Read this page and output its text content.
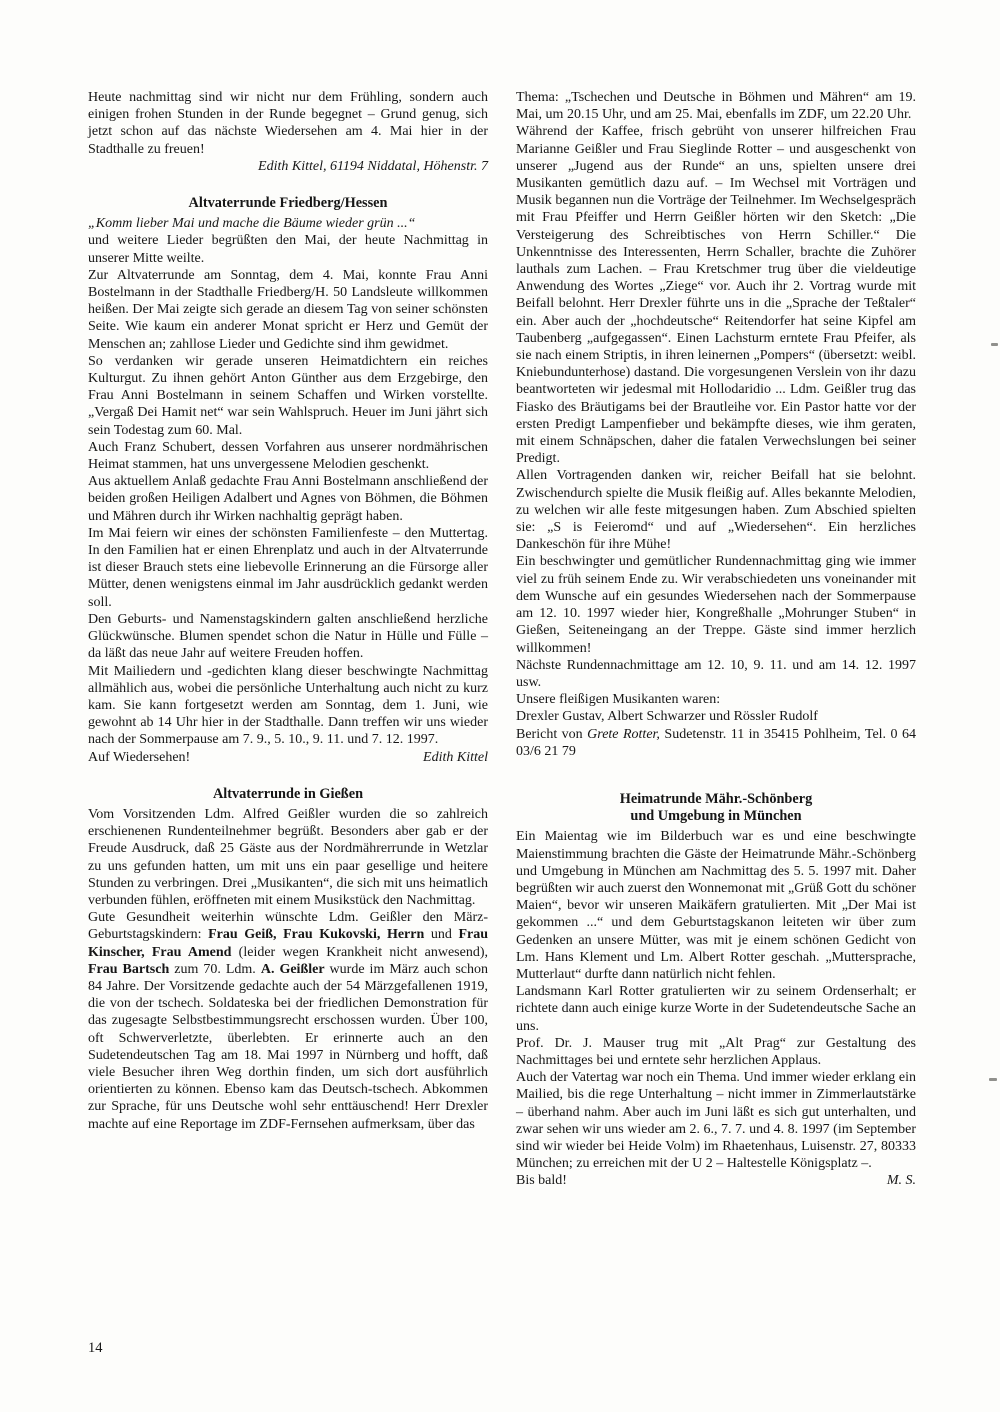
Heute nachmittag sind wir nicht nur dem Frühling, sondern auch einigen frohen Stunden in der Runde begegnet – Grund genug, sich jetzt schon auf das nächste Wiedersehen am 4. Mai hier in der Stadthalle zu freuen!

Edith Kittel, 61194 Niddatal, Höhenstr. 7

Altvaterrunde Friedberg/Hessen

„Komm lieber Mai und mache die Bäume wieder grün ...“

und weitere Lieder begrüßten den Mai, der heute Nachmittag in unserer Mitte weilte.

Zur Altvaterrunde am Sonntag, dem 4. Mai, konnte Frau Anni Bostelmann in der Stadthalle Friedberg/H. 50 Landsleute willkommen heißen. Der Mai zeigte sich gerade an diesem Tag von seiner schönsten Seite. Wie kaum ein anderer Monat spricht er Herz und Gemüt der Menschen an; zahllose Lieder und Gedichte sind ihm gewidmet.

So verdanken wir gerade unseren Heimatdichtern ein reiches Kulturgut. Zu ihnen gehört Anton Günther aus dem Erzgebirge, den Frau Anni Bostelmann in seinem Schaffen und Wirken vorstellte. „Vergaß Dei Hamit net“ war sein Wahlspruch. Heuer im Juni jährt sich sein Todestag zum 60. Mal.

Auch Franz Schubert, dessen Vorfahren aus unserer nordmährischen Heimat stammen, hat uns unvergessene Melodien geschenkt.

Aus aktuellem Anlaß gedachte Frau Anni Bostelmann anschließend der beiden großen Heiligen Adalbert und Agnes von Böhmen, die Böhmen und Mähren durch ihr Wirken nachhaltig geprägt haben.

Im Mai feiern wir eines der schönsten Familienfeste – den Muttertag. In den Familien hat er einen Ehrenplatz und auch in der Altvaterrunde ist dieser Brauch stets eine liebevolle Erinnerung an die Fürsorge aller Mütter, denen wenigstens einmal im Jahr ausdrücklich gedankt werden soll.

Den Geburts- und Namenstagskindern galten anschließend herzliche Glückwünsche. Blumen spendet schon die Natur in Hülle und Fülle – da läßt das neue Jahr auf weitere Freuden hoffen.

Mit Mailiedern und -gedichten klang dieser beschwingte Nachmittag allmählich aus, wobei die persönliche Unterhaltung auch nicht zu kurz kam. Sie kann fortgesetzt werden am Sonntag, dem 1. Juni, wie gewohnt ab 14 Uhr hier in der Stadthalle. Dann treffen wir uns wieder nach der Sommerpause am 7. 9., 5. 10., 9. 11. und 7. 12. 1997.

Auf Wiedersehen!	Edith Kittel

Altvaterrunde in Gießen

Vom Vorsitzenden Ldm. Alfred Geißler wurden die so zahlreich erschienenen Rundenteilnehmer begrüßt. Besonders aber gab er der Freude Ausdruck, daß 25 Gäste aus der Nordmährerrunde in Wetzlar zu uns gefunden hatten, um mit uns ein paar gesellige und heitere Stunden zu verbringen. Drei „Musikanten“, die sich mit uns heimatlich verbunden fühlen, eröffneten mit einem Musikstück den Nachmittag.

Gute Gesundheit weiterhin wünschte Ldm. Geißler den März-Geburtstagskindern: Frau Geiß, Frau Kukovski, Herrn und Frau Kinscher, Frau Amend (leider wegen Krankheit nicht anwesend), Frau Bartsch zum 70. Ldm. A. Geißler wurde im März auch schon 84 Jahre. Der Vorsitzende gedachte auch der 54 Märzgefallenen 1919, die von der tschech. Soldateska bei der friedlichen Demonstration für das zugesagte Selbstbestimmungsrecht erschossen wurden. Über 100, oft Schwerverletzte, überlebten. Er erinnerte auch an den Sudetendeutschen Tag am 18. Mai 1997 in Nürnberg und hofft, daß viele Besucher ihren Weg dorthin finden, um sich dort ausführlich orientierten zu können. Ebenso kam das Deutsch-tschech. Abkommen zur Sprache, für uns Deutsche wohl sehr enttäuschend! Herr Drexler machte auf eine Reportage im ZDF-Fernsehen aufmerksam, über das

Thema: „Tschechen und Deutsche in Böhmen und Mähren“ am 19. Mai, um 20.15 Uhr, und am 25. Mai, ebenfalls im ZDF, um 22.20 Uhr.

Während der Kaffee, frisch gebrüht von unserer hilfreichen Frau Marianne Geißler und Frau Sieglinde Rotter – und ausgeschenkt von unserer „Jugend aus der Runde“ an uns, spielten unsere drei Musikanten gemütlich dazu auf. – Im Wechsel mit Vorträgen und Musik begannen nun die Vorträge der Teilnehmer. Im Wechselgespräch mit Frau Pfeiffer und Herrn Geißler hörten wir den Sketch: „Die Versteigerung des Schreibtisches von Herrn Schiller.“ Die Unkenntnisse des Interessenten, Herrn Schaller, brachte die Zuhörer lauthals zum Lachen. – Frau Kretschmer trug über die vieldeutige Anwendung des Wortes „Ziege“ vor. Auch ihr 2. Vortrag wurde mit Beifall belohnt. Herr Drexler führte uns in die „Sprache der Teßtaler“ ein. Aber auch der „hochdeutsche“ Reitendorfer hat seine Kipfel am Taubenberg „aufgegassen“. Einen Lachsturm erntete Frau Pfeifer, als sie nach einem Striptis, in ihren leinernen „Pompers“ (übersetzt: weibl. Kniebundunterhose) dastand. Die vorgesungenen Verslein von ihr dazu beantworteten wir jedesmal mit Hollodaridio ... Ldm. Geißler trug das Fiasko des Bräutigams bei der Brautleihe vor. Ein Pastor hatte vor der ersten Predigt Lampenfieber und bekämpfte dieses, wie ihm geraten, mit einem Schnäpschen, daher die fatalen Verwechslungen bei seiner Predigt.

Allen Vortragenden danken wir, reicher Beifall hat sie belohnt. Zwischendurch spielte die Musik fleißig auf. Alles bekannte Melodien, zu welchen wir alle feste mitgesungen haben. Zum Abschied spielten sie: „S is Feieromd“ und auf „Wiedersehen“. Ein herzliches Dankeschön für ihre Mühe!

Ein beschwingter und gemütlicher Rundennachmittag ging wie immer viel zu früh seinem Ende zu. Wir verabschiedeten uns voneinander mit dem Wunsche auf ein gesundes Wiedersehen nach der Sommerpause am 12. 10. 1997 wieder hier, Kongreßhalle „Mohrunger Stuben“ in Gießen, Seiteneingang an der Treppe. Gäste sind immer herzlich willkommen!

Nächste Rundennachmittage am 12. 10, 9. 11. und am 14. 12. 1997 usw.

Unsere fleißigen Musikanten waren:

Drexler Gustav, Albert Schwarzer und Rössler Rudolf

Bericht von Grete Rotter, Sudetenstr. 11 in 35415 Pohlheim, Tel. 0 64 03/6 21 79

Heimatrunde Mähr.-Schönberg
und Umgebung in München

Ein Maientag wie im Bilderbuch war es und eine beschwingte Maienstimmung brachten die Gäste der Heimatrunde Mähr.-Schönberg und Umgebung in München am Nachmittag des 5. 5. 1997 mit. Daher begrüßten wir auch zuerst den Wonnemonat mit „Grüß Gott du schöner Maien“, bevor wir unseren Maikäfern gratulierten. Mit „Der Mai ist gekommen ...“ und dem Geburtstagskanon leiteten wir über zum Gedenken an unsere Mütter, was mit je einem schönen Gedicht von Lm. Hans Klement und Lm. Albert Rotter geschah. „Muttersprache, Mutterlaut“ durfte dann natürlich nicht fehlen.

Landsmann Karl Rotter gratulierten wir zu seinem Ordenserhalt; er richtete dann auch einige kurze Worte in der Sudetendeutsche Sache an uns.

Prof. Dr. J. Mauser trug mit „Alt Prag“ zur Gestaltung des Nachmittages bei und erntete sehr herzlichen Applaus.

Auch der Vatertag war noch ein Thema. Und immer wieder erklang ein Mailied, bis die rege Unterhaltung – nicht immer in Zimmerlautstärke – überhand nahm. Aber auch im Juni läßt es sich gut unterhalten, und zwar sehen wir uns wieder am 2. 6., 7. 7. und 4. 8. 1997 (im September sind wir wieder bei Heide Volm) im Rhaetenhaus, Luisenstr. 27, 80333 München; zu erreichen mit der U 2 – Haltestelle Königsplatz –.

Bis bald!	M. S.

14
